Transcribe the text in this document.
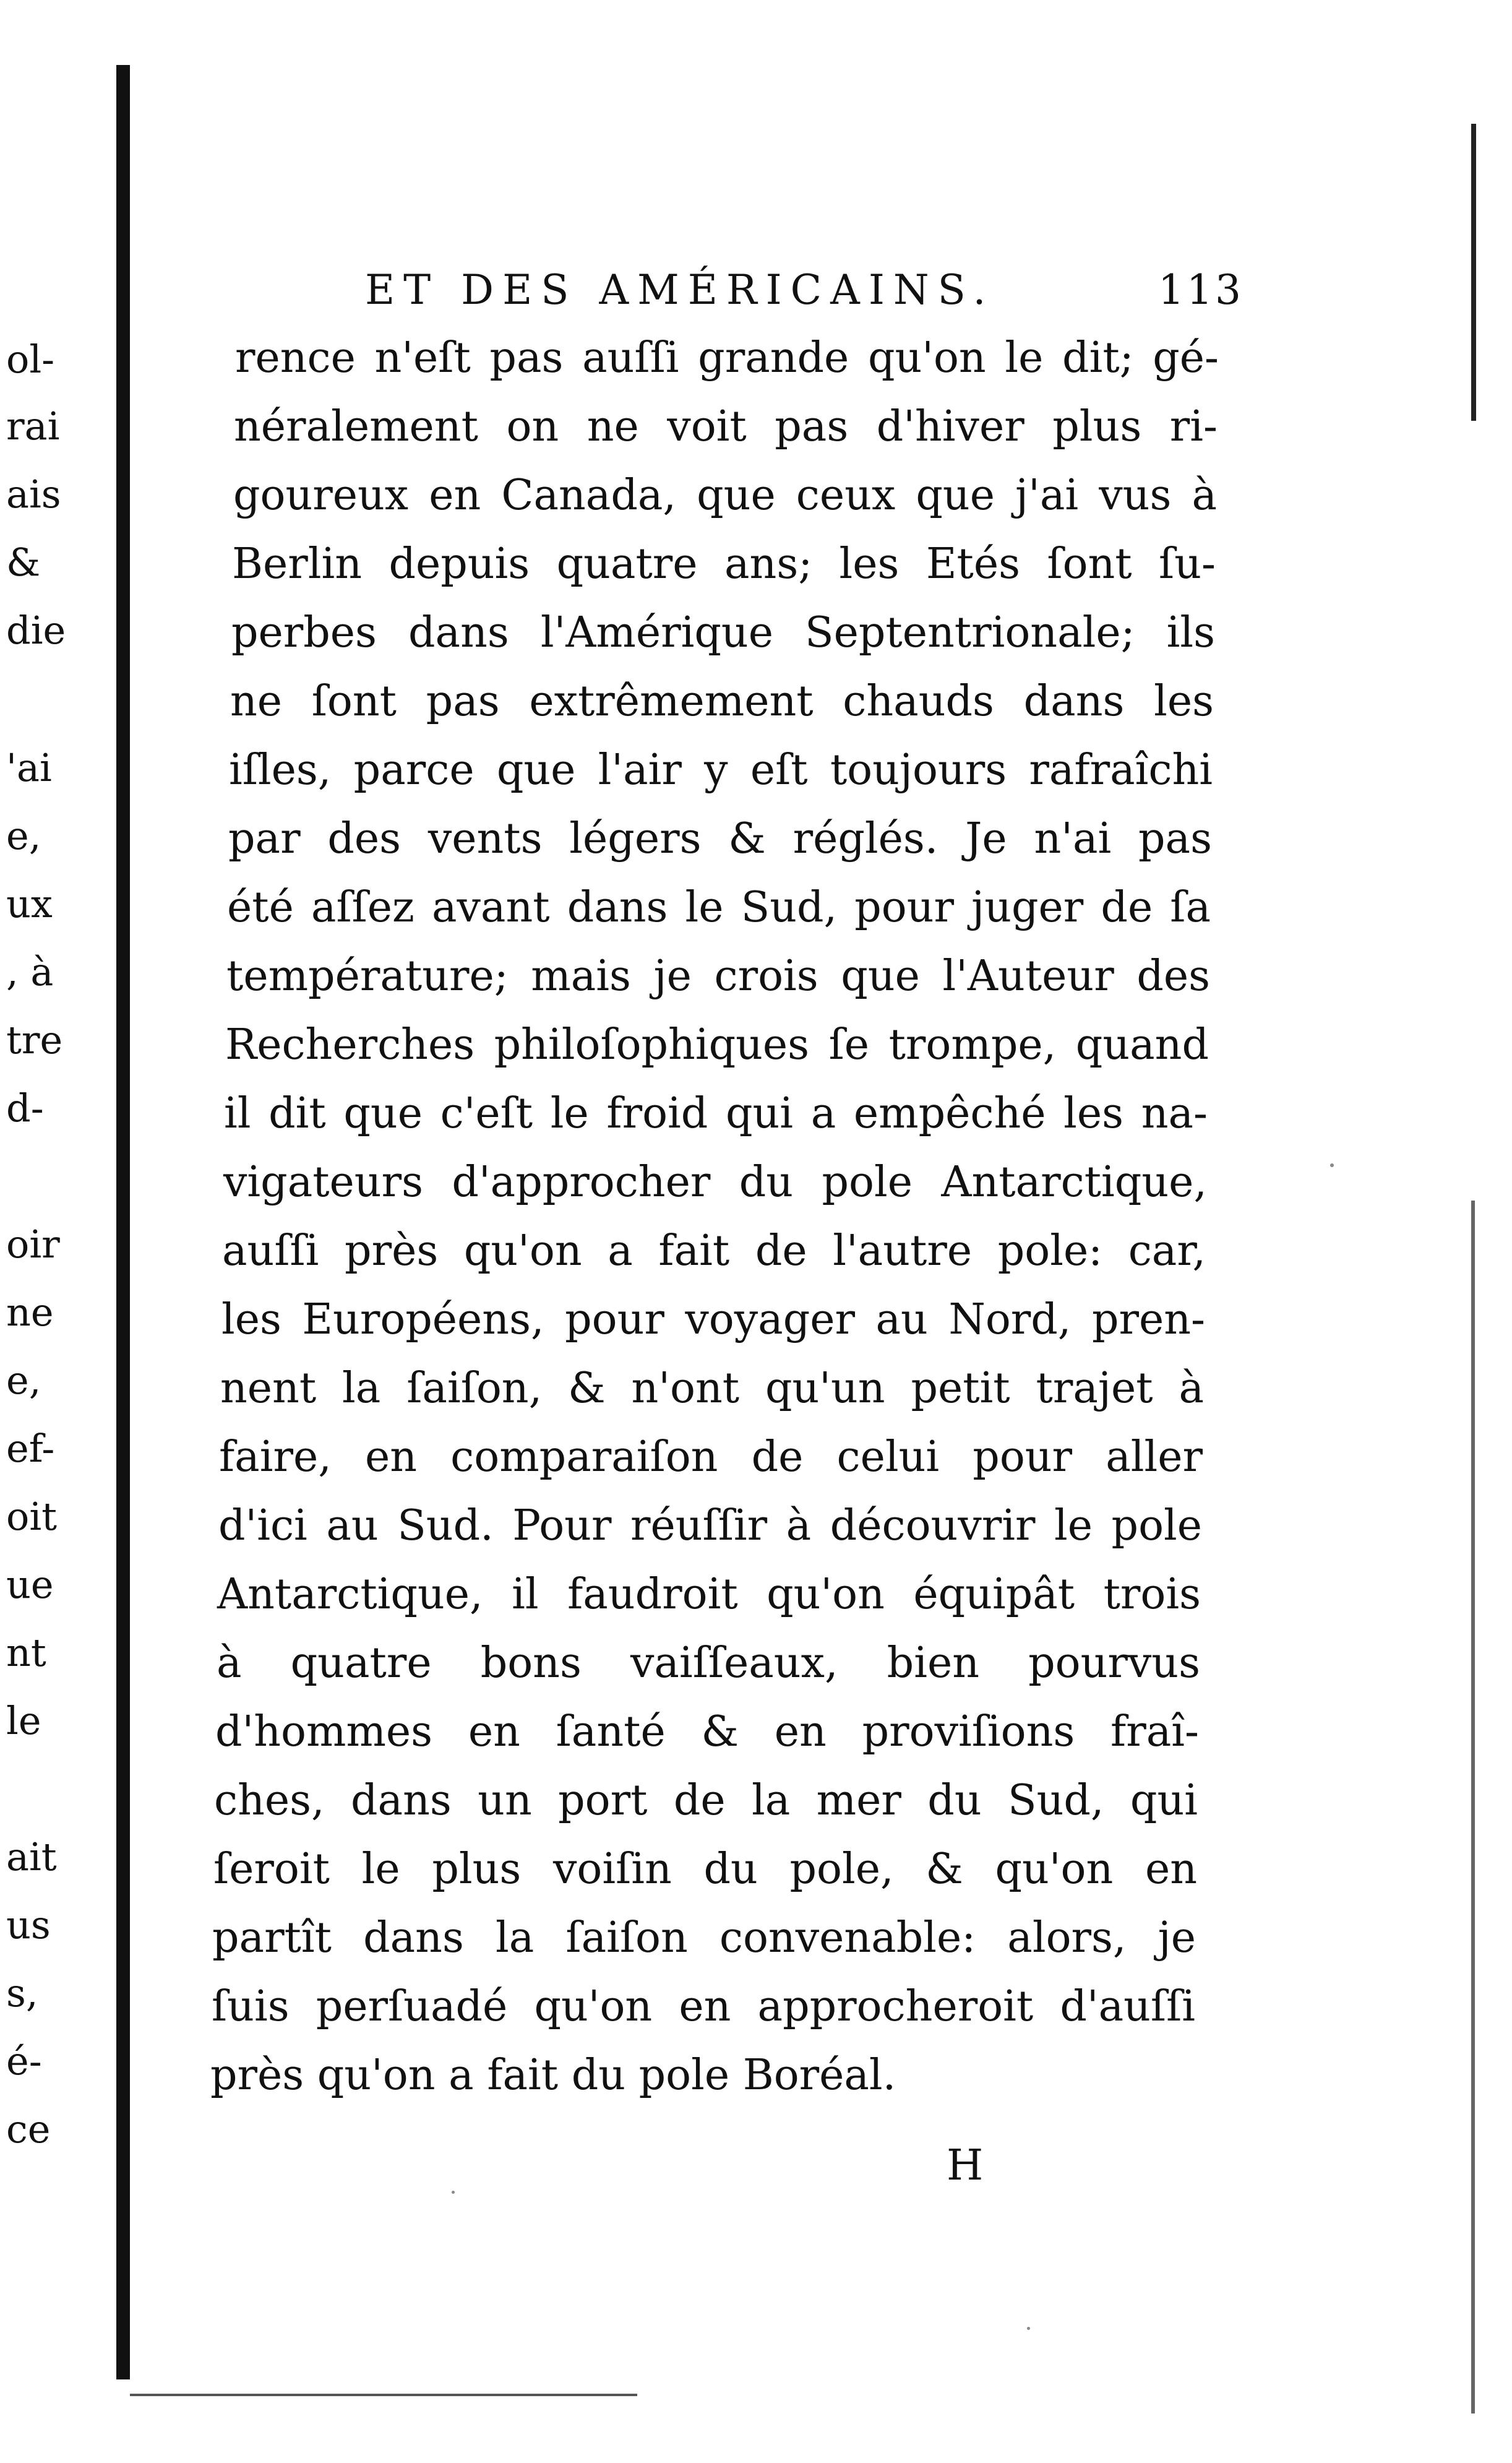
ol-
rai
ais
&
die
'ai
e,
ux
, à
tre
d-
oir
ne
e,
ef-
oit
ue
nt
le
ait
us
s,
é-
ce
ET DES AMÉRICAINS.	113
rence n'eſt pas auſſi grande qu'on le dit; gé-
néralement on ne voit pas d'hiver plus ri-
goureux en Canada, que ceux que j'ai vus à
Berlin depuis quatre ans; les Etés ſont ſu-
perbes dans l'Amérique Septentrionale; ils
ne ſont pas extrêmement chauds dans les
iſles, parce que l'air y eſt toujours rafraîchi
par des vents légers & réglés. Je n'ai pas
été aſſez avant dans le Sud, pour juger de ſa
température; mais je crois que l'Auteur des
Recherches philoſophiques ſe trompe, quand
il dit que c'eſt le froid qui a empêché les na-
vigateurs d'approcher du pole Antarctique,
auſſi près qu'on a fait de l'autre pole: car,
les Européens, pour voyager au Nord, pren-
nent la ſaiſon, & n'ont qu'un petit trajet à
faire, en comparaiſon de celui pour aller
d'ici au Sud. Pour réuſſir à découvrir le pole
Antarctique, il faudroit qu'on équipât trois
à quatre bons vaiſſeaux, bien pourvus
d'hommes en ſanté & en proviſions fraî-
ches, dans un port de la mer du Sud, qui
ſeroit le plus voiſin du pole, & qu'on en
partît dans la ſaiſon convenable: alors, je
ſuis perſuadé qu'on en approcheroit d'auſſi
près qu'on a fait du pole Boréal.
H
